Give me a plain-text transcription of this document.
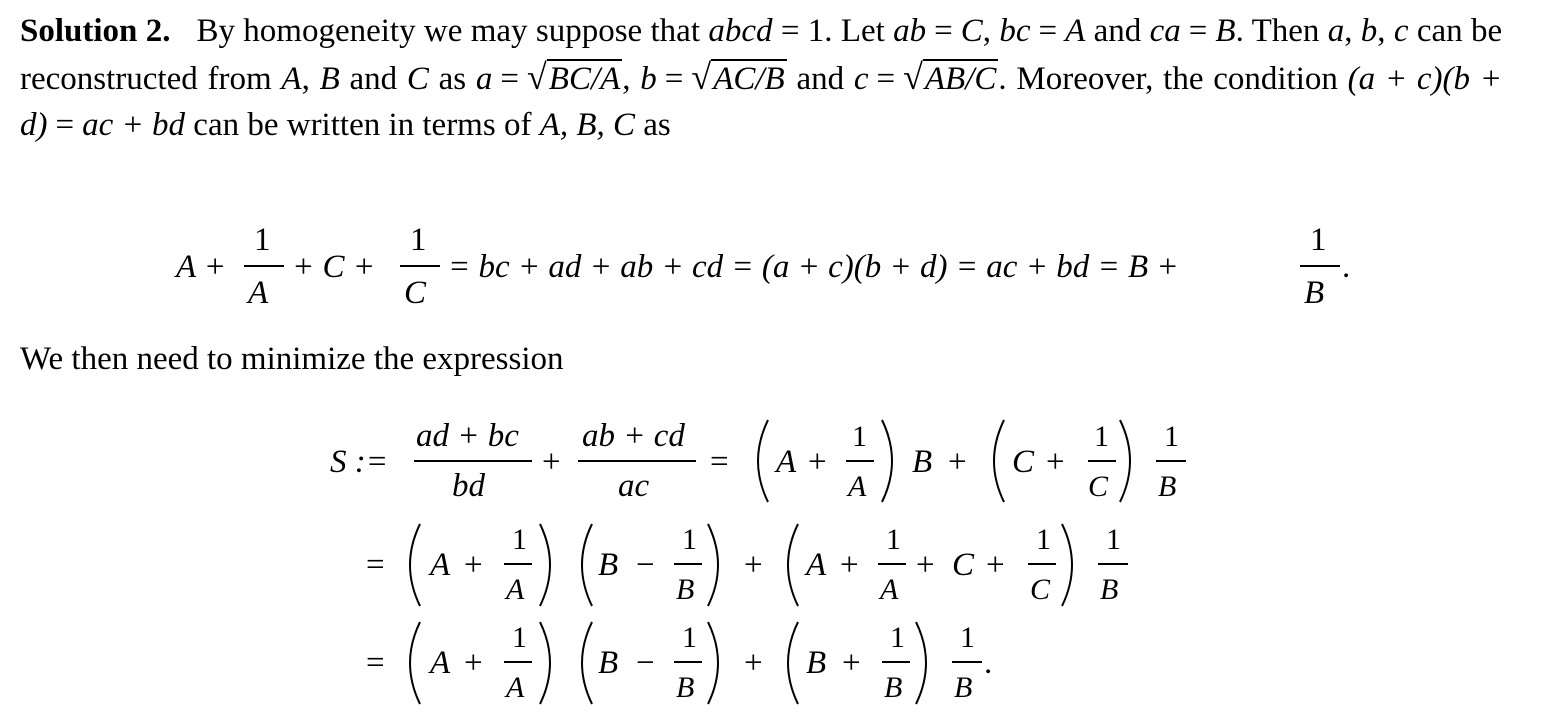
Solution 2. By homogeneity we may suppose that abcd = 1. Let ab = C, bc = A and ca = B. Then a, b, c can be reconstructed from A, B and C as a = √BC/A, b = √AC/B and c = √AB/C. Moreover, the condition (a + c)(b + d) = ac + bd can be written in terms of A, B, C as
A +
1
A
+ C +
1
C
= bc + ad + ab + cd = (a + c)(b + d) = ac + bd = B +
1
B
.
We then need to minimize the expression
S :=
ad + bc
bd
+
ab + cd
ac
= A +
1
A
B + C +
1
C
1
B
= A +
1
A
B −
1
B
+ A +
1
A
+ C +
1
C
1
B
= A +
1
A
B −
1
B
+ B +
1
B
1
B
.
